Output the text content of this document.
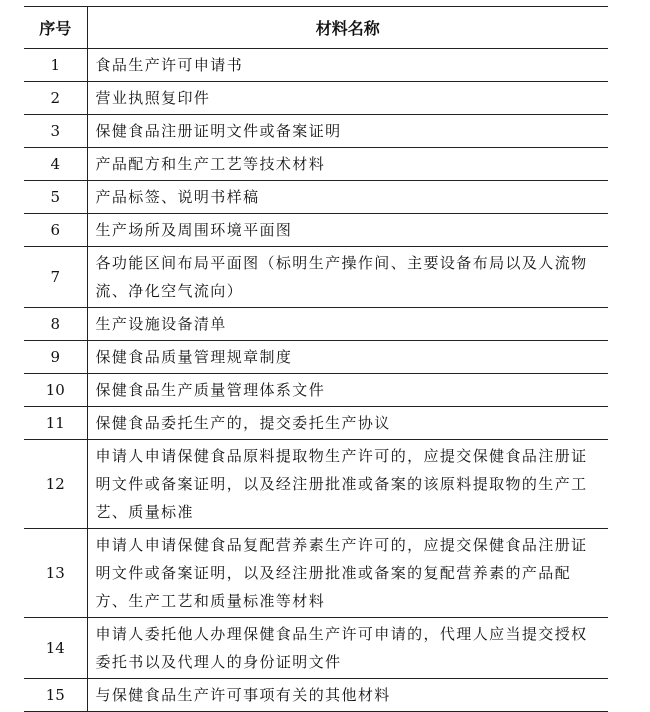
序号	材料名称
1	食品生产许可申请书
2	营业执照复印件
3	保健食品注册证明文件或备案证明
4	产品配方和生产工艺等技术材料
5	产品标签、说明书样稿
6	生产场所及周围环境平面图
7	各功能区间布局平面图（标明生产操作间、主要设备布局以及人流物流、净化空气流向）
8	生产设施设备清单
9	保健食品质量管理规章制度
10	保健食品生产质量管理体系文件
11	保健食品委托生产的，提交委托生产协议
12	申请人申请保健食品原料提取物生产许可的，应提交保健食品注册证明文件或备案证明，以及经注册批准或备案的该原料提取物的生产工艺、质量标准
13	申请人申请保健食品复配营养素生产许可的，应提交保健食品注册证明文件或备案证明，以及经注册批准或备案的复配营养素的产品配方、生产工艺和质量标准等材料
14	申请人委托他人办理保健食品生产许可申请的，代理人应当提交授权委托书以及代理人的身份证明文件
15	与保健食品生产许可事项有关的其他材料
